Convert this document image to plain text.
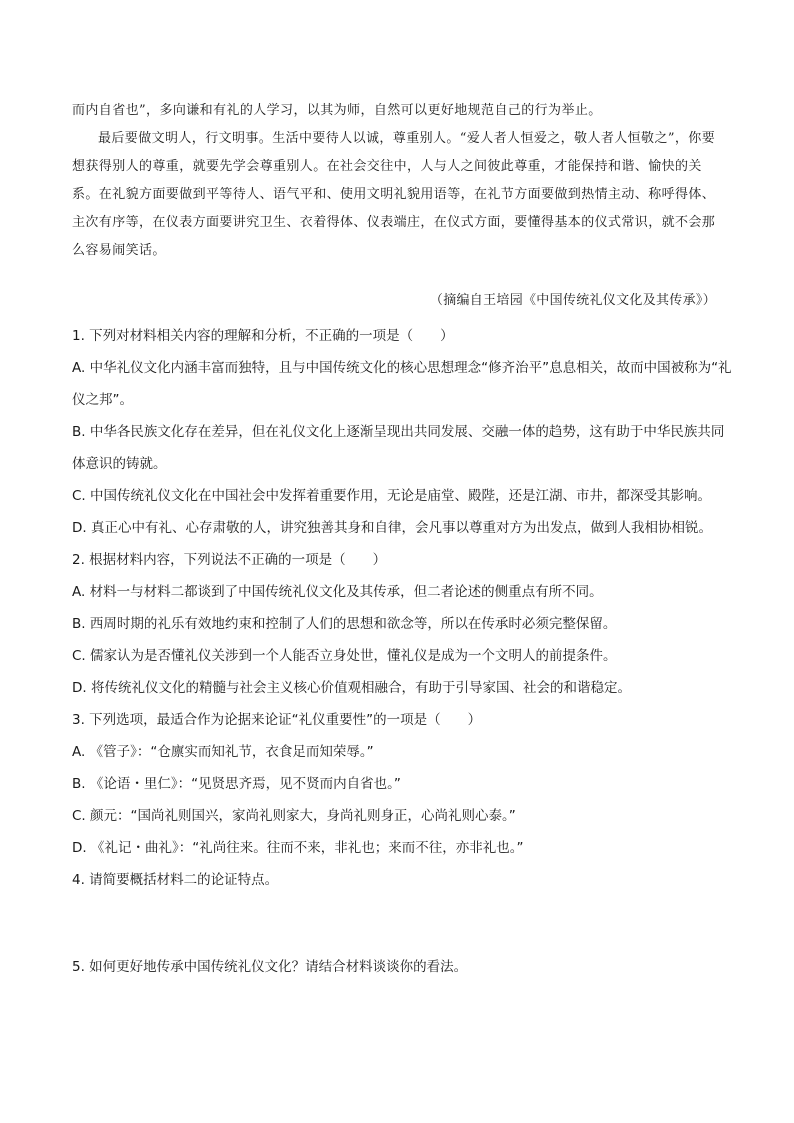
而内自省也”，多向谦和有礼的人学习，以其为师，自然可以更好地规范自己的行为举止。

最后要做文明人，行文明事。生活中要待人以诚，尊重别人。“爱人者人恒爱之，敬人者人恒敬之”，你要想获得别人的尊重，就要先学会尊重别人。在社会交往中，人与人之间彼此尊重，才能保持和谐、愉快的关系。在礼貌方面要做到平等待人、语气平和、使用文明礼貌用语等，在礼节方面要做到热情主动、称呼得体、主次有序等，在仪表方面要讲究卫生、衣着得体、仪表端庄，在仪式方面，要懂得基本的仪式常识，就不会那么容易闹笑话。

（摘编自王培园《中国传统礼仪文化及其传承》）
1. 下列对材料相关内容的理解和分析，不正确的一项是（　　）
A. 中华礼仪文化内涵丰富而独特，且与中国传统文化的核心思想理念“修齐治平”息息相关，故而中国被称为“礼仪之邦”。
B. 中华各民族文化存在差异，但在礼仪文化上逐渐呈现出共同发展、交融一体的趋势，这有助于中华民族共同体意识的铸就。
C. 中国传统礼仪文化在中国社会中发挥着重要作用，无论是庙堂、殿陛，还是江湖、市井，都深受其影响。
D. 真正心中有礼、心存肃敬的人，讲究独善其身和自律，会凡事以尊重对方为出发点，做到人我相协相锐。
2. 根据材料内容，下列说法不正确的一项是（　　）
A. 材料一与材料二都谈到了中国传统礼仪文化及其传承，但二者论述的侧重点有所不同。
B. 西周时期的礼乐有效地约束和控制了人们的思想和欲念等，所以在传承时必须完整保留。
C. 儒家认为是否懂礼仪关涉到一个人能否立身处世，懂礼仪是成为一个文明人的前提条件。
D. 将传统礼仪文化的精髓与社会主义核心价值观相融合，有助于引导家国、社会的和谐稳定。
3. 下列选项，最适合作为论据来论证“礼仪重要性”的一项是（　　）
A. 《管子》：“仓廪实而知礼节，衣食足而知荣辱。”
B. 《论语・里仁》：“见贤思齐焉，见不贤而内自省也。”
C. 颜元：“国尚礼则国兴，家尚礼则家大，身尚礼则身正，心尚礼则心泰。”
D. 《礼记・曲礼》：“礼尚往来。往而不来，非礼也；来而不往，亦非礼也。”
4. 请简要概括材料二的论证特点。
5. 如何更好地传承中国传统礼仪文化？请结合材料谈谈你的看法。
